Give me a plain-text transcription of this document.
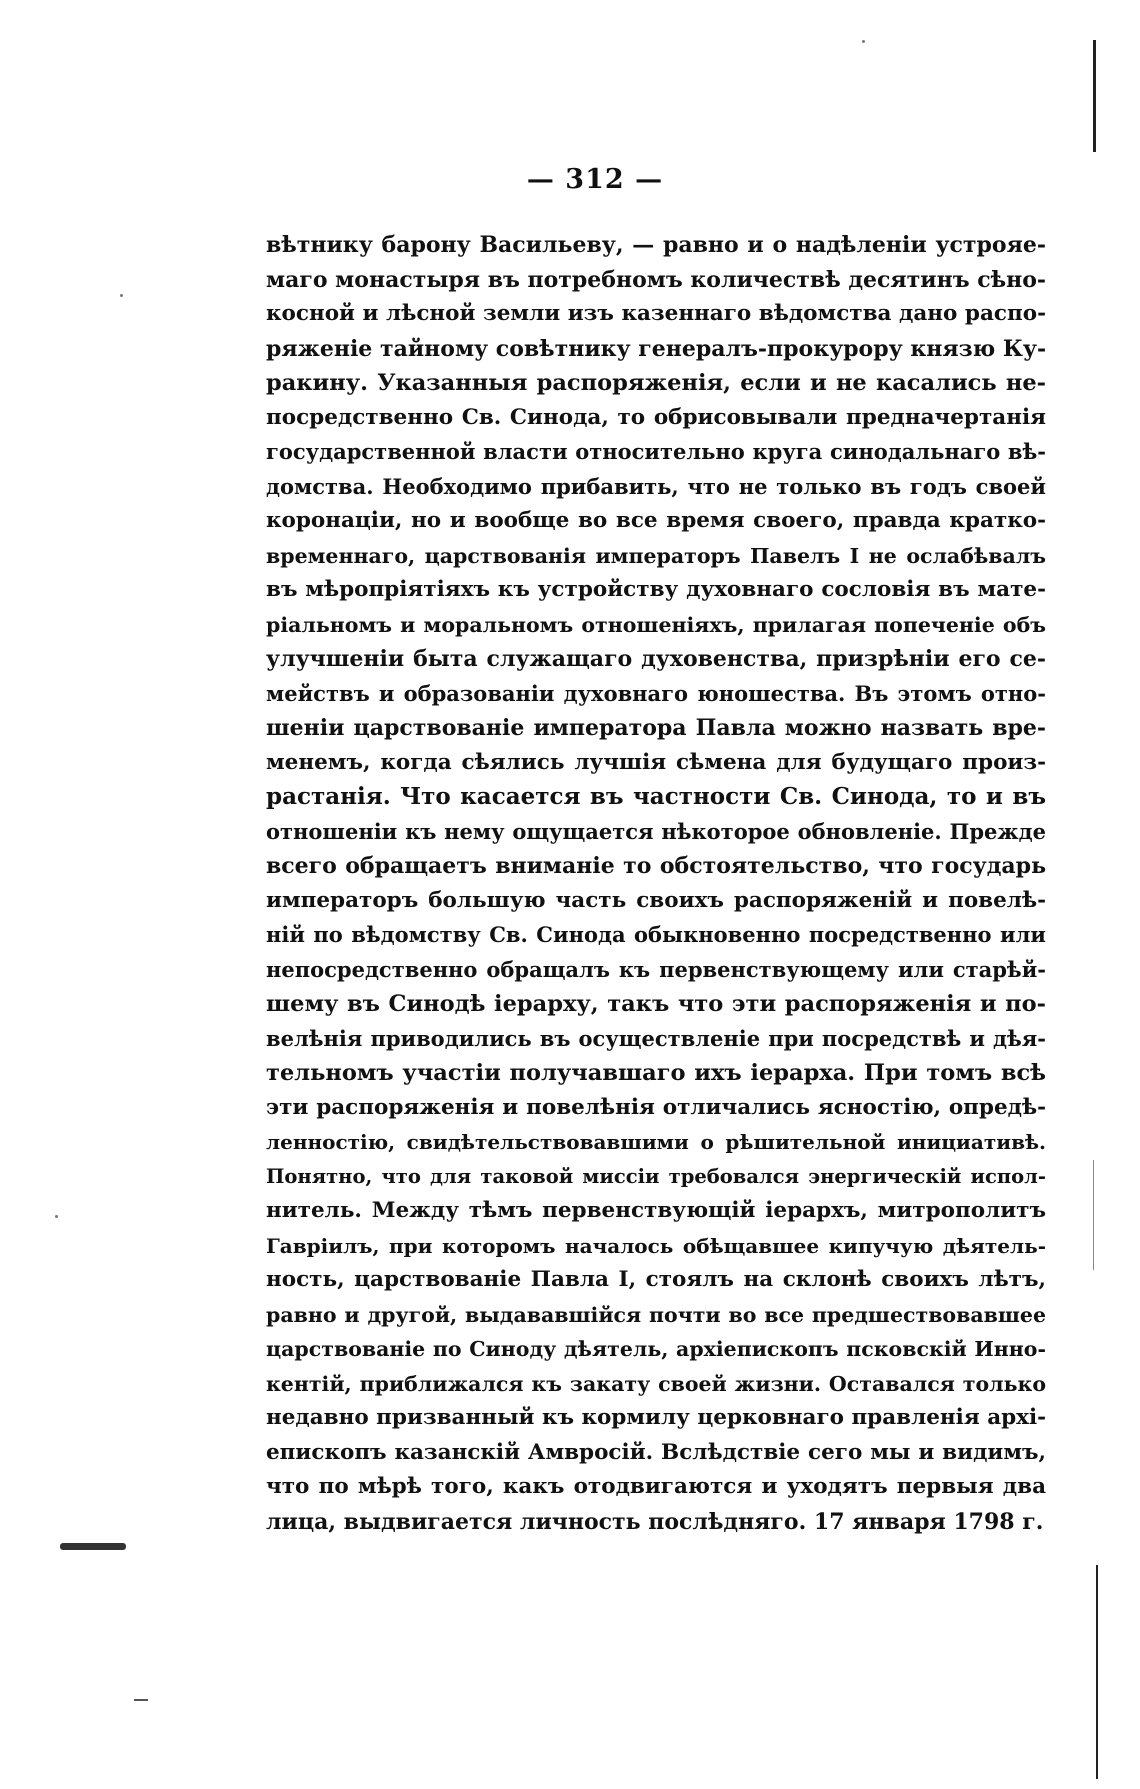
— 312 —
вѣтнику барону Васильеву, — равно и о надѣленіи устрояе-
маго монастыря въ потребномъ количествѣ десятинъ сѣно-
косной и лѣсной земли изъ казеннаго вѣдомства дано распо-
ряженіе тайному совѣтнику генералъ-прокурору князю Ку-
ракину. Указанныя распоряженія, если и не касались не-
посредственно Св. Синода, то обрисовывали предначертанія
государственной власти относительно круга синодальнаго вѣ-
домства. Необходимо прибавить, что не только въ годъ своей
коронаціи, но и вообще во все время своего, правда кратко-
временнаго, царствованія императоръ Павелъ I не ослабѣвалъ
въ мѣропріятіяхъ къ устройству духовнаго сословія въ мате-
ріальномъ и моральномъ отношеніяхъ, прилагая попеченіе объ
улучшеніи быта служащаго духовенства, призрѣніи его се-
мействъ и образованіи духовнаго юношества. Въ этомъ отно-
шеніи царствованіе императора Павла можно назвать вре-
менемъ, когда сѣялись лучшія сѣмена для будущаго произ-
растанія. Что касается въ частности Св. Синода, то и въ
отношеніи къ нему ощущается нѣкоторое обновленіе. Прежде
всего обращаетъ вниманіе то обстоятельство, что государь
императоръ большую часть своихъ распоряженій и повелѣ-
ній по вѣдомству Св. Синода обыкновенно посредственно или
непосредственно обращалъ къ первенствующему или старѣй-
шему въ Синодѣ іерарху, такъ что эти распоряженія и по-
велѣнія приводились въ осуществленіе при посредствѣ и дѣя-
тельномъ участіи получавшаго ихъ іерарха. При томъ всѣ
эти распоряженія и повелѣнія отличались ясностію, опредѣ-
ленностію, свидѣтельствовавшими о рѣшительной инициативѣ.
Понятно, что для таковой миссіи требовался энергическій испол-
нитель. Между тѣмъ первенствующій іерархъ, митрополитъ
Гавріилъ, при которомъ началось обѣщавшее кипучую дѣятель-
ность, царствованіе Павла I, стоялъ на склонѣ своихъ лѣтъ,
равно и другой, выдававшійся почти во все предшествовавшее
царствованіе по Синоду дѣятель, архіепископъ псковскій Инно-
кентій, приближался къ закату своей жизни. Оставался только
недавно призванный къ кормилу церковнаго правленія архі-
епископъ казанскій Амвросій. Вслѣдствіе сего мы и видимъ,
что по мѣрѣ того, какъ отодвигаются и уходятъ первыя два
лица, выдвигается личность послѣдняго. 17 января 1798 г.
